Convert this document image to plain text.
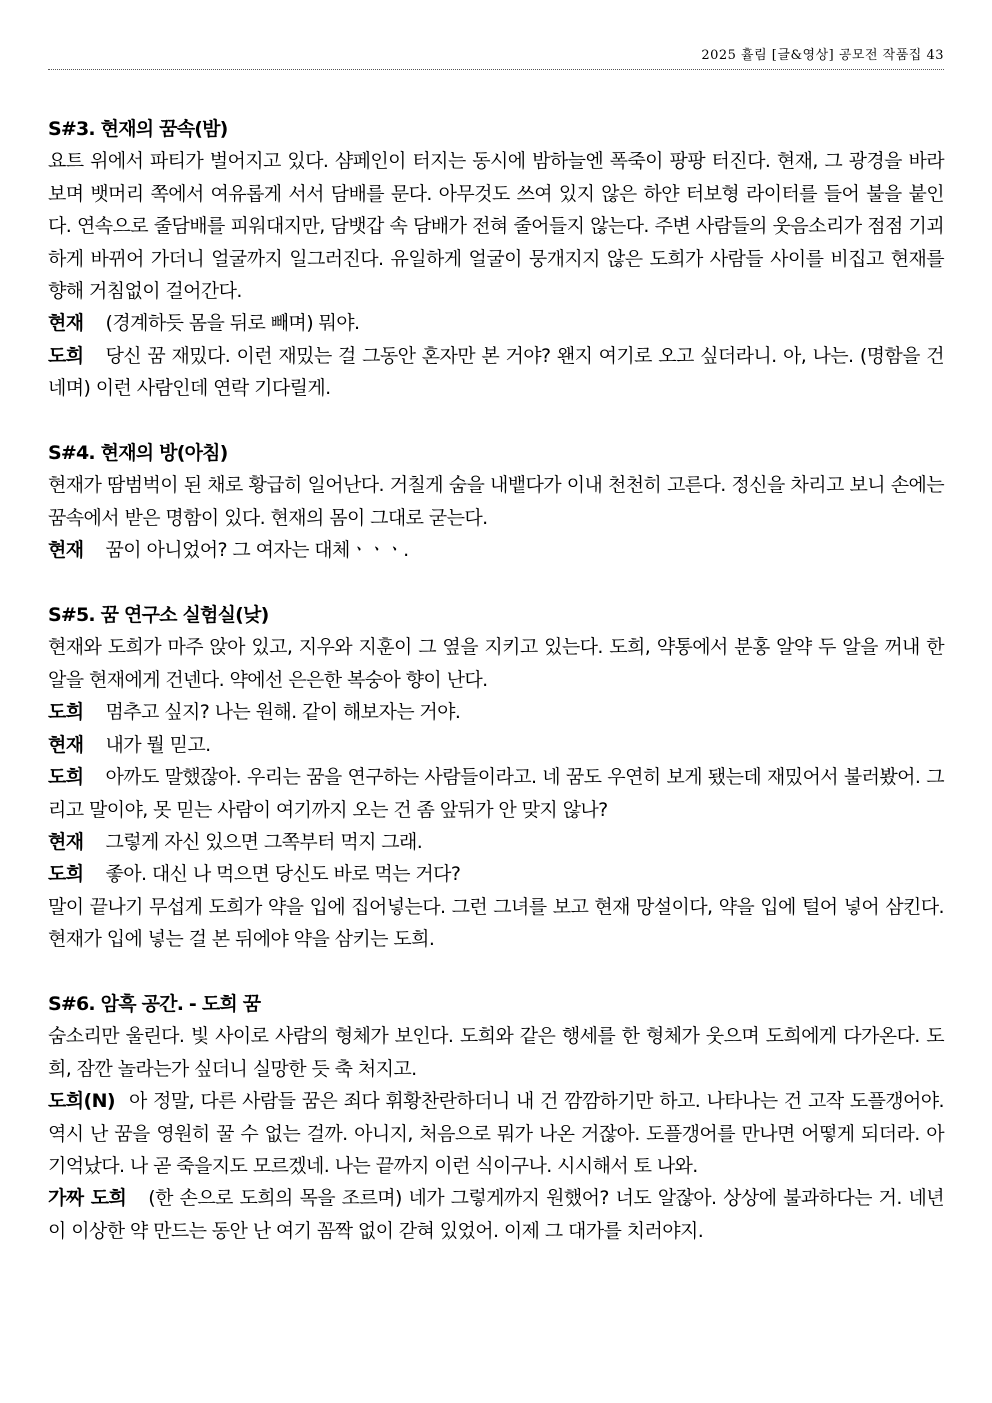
2025 휼림 [글&영상] 공모전 작품집 43

S#3. 현재의 꿈속(밤)

요트 위에서 파티가 벌어지고 있다. 샴페인이 터지는 동시에 밤하늘엔 폭죽이 팡팡 터진다. 현재, 그 광경을 바라보며 뱃머리 쪽에서 여유롭게 서서 담배를 문다. 아무것도 쓰여 있지 않은 하얀 터보형 라이터를 들어 불을 붙인다. 연속으로 줄담배를 피워대지만, 담뱃갑 속 담배가 전혀 줄어들지 않는다. 주변 사람들의 웃음소리가 점점 기괴하게 바뀌어 가더니 얼굴까지 일그러진다. 유일하게 얼굴이 뭉개지지 않은 도희가 사람들 사이를 비집고 현재를 향해 거침없이 걸어간다.

현재 (경계하듯 몸을 뒤로 빼며) 뭐야.

도희 당신 꿈 재밌다. 이런 재밌는 걸 그동안 혼자만 본 거야? 왠지 여기로 오고 싶더라니. 아, 나는. (명함을 건네며) 이런 사람인데 연락 기다릴게.

S#4. 현재의 방(아침)

현재가 땀범벅이 된 채로 황급히 일어난다. 거칠게 숨을 내뱉다가 이내 천천히 고른다. 정신을 차리고 보니 손에는 꿈속에서 받은 명함이 있다. 현재의 몸이 그대로 굳는다.

현재 꿈이 아니었어? 그 여자는 대체ㆍㆍㆍ.

S#5. 꿈 연구소 실험실(낮)

현재와 도희가 마주 앉아 있고, 지우와 지훈이 그 옆을 지키고 있는다. 도희, 약통에서 분홍 알약 두 알을 꺼내 한 알을 현재에게 건넨다. 약에선 은은한 복숭아 향이 난다.

도희 멈추고 싶지? 나는 원해. 같이 해보자는 거야.

현재 내가 뭘 믿고.

도희 아까도 말했잖아. 우리는 꿈을 연구하는 사람들이라고. 네 꿈도 우연히 보게 됐는데 재밌어서 불러봤어. 그리고 말이야, 못 믿는 사람이 여기까지 오는 건 좀 앞뒤가 안 맞지 않나?

현재 그렇게 자신 있으면 그쪽부터 먹지 그래.

도희 좋아. 대신 나 먹으면 당신도 바로 먹는 거다?

말이 끝나기 무섭게 도희가 약을 입에 집어넣는다. 그런 그녀를 보고 현재 망설이다, 약을 입에 털어 넣어 삼킨다. 현재가 입에 넣는 걸 본 뒤에야 약을 삼키는 도희.

S#6. 암흑 공간. - 도희 꿈

숨소리만 울린다. 빛 사이로 사람의 형체가 보인다. 도희와 같은 행세를 한 형체가 웃으며 도희에게 다가온다. 도희, 잠깐 놀라는가 싶더니 실망한 듯 축 처지고.

도희(N) 아 정말, 다른 사람들 꿈은 죄다 휘황찬란하더니 내 건 깜깜하기만 하고. 나타나는 건 고작 도플갱어야. 역시 난 꿈을 영원히 꿀 수 없는 걸까. 아니지, 처음으로 뭐가 나온 거잖아. 도플갱어를 만나면 어떻게 되더라. 아 기억났다. 나 곧 죽을지도 모르겠네. 나는 끝까지 이런 식이구나. 시시해서 토 나와.

가짜 도희 (한 손으로 도희의 목을 조르며) 네가 그렇게까지 원했어? 너도 알잖아. 상상에 불과하다는 거. 네년이 이상한 약 만드는 동안 난 여기 꼼짝 없이 갇혀 있었어. 이제 그 대가를 치러야지.
